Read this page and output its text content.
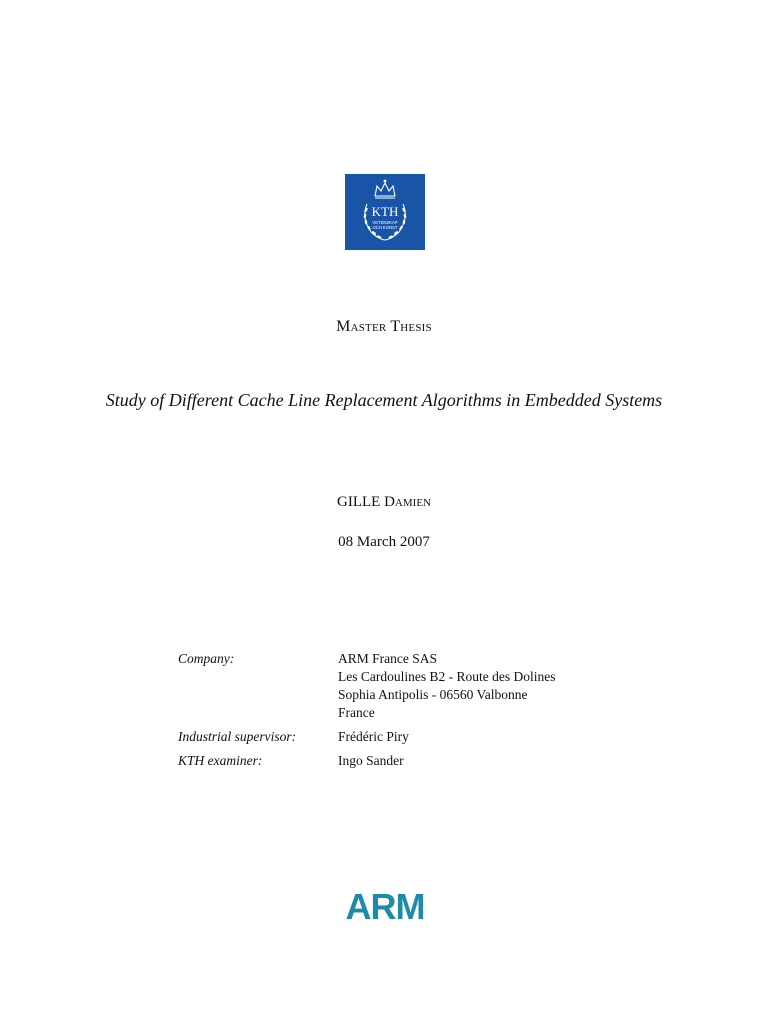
KTH
VETENSKAP
OCH KONST
Master Thesis
Study of Different Cache Line Replacement Algorithms in Embedded Systems
GILLE Damien
08 March 2007
Company:	ARM France SAS
Les Cardoulines B2 - Route des Dolines
Sophia Antipolis - 06560 Valbonne
France
Industrial supervisor:	Frédéric Piry
KTH examiner:	Ingo Sander
ARM
